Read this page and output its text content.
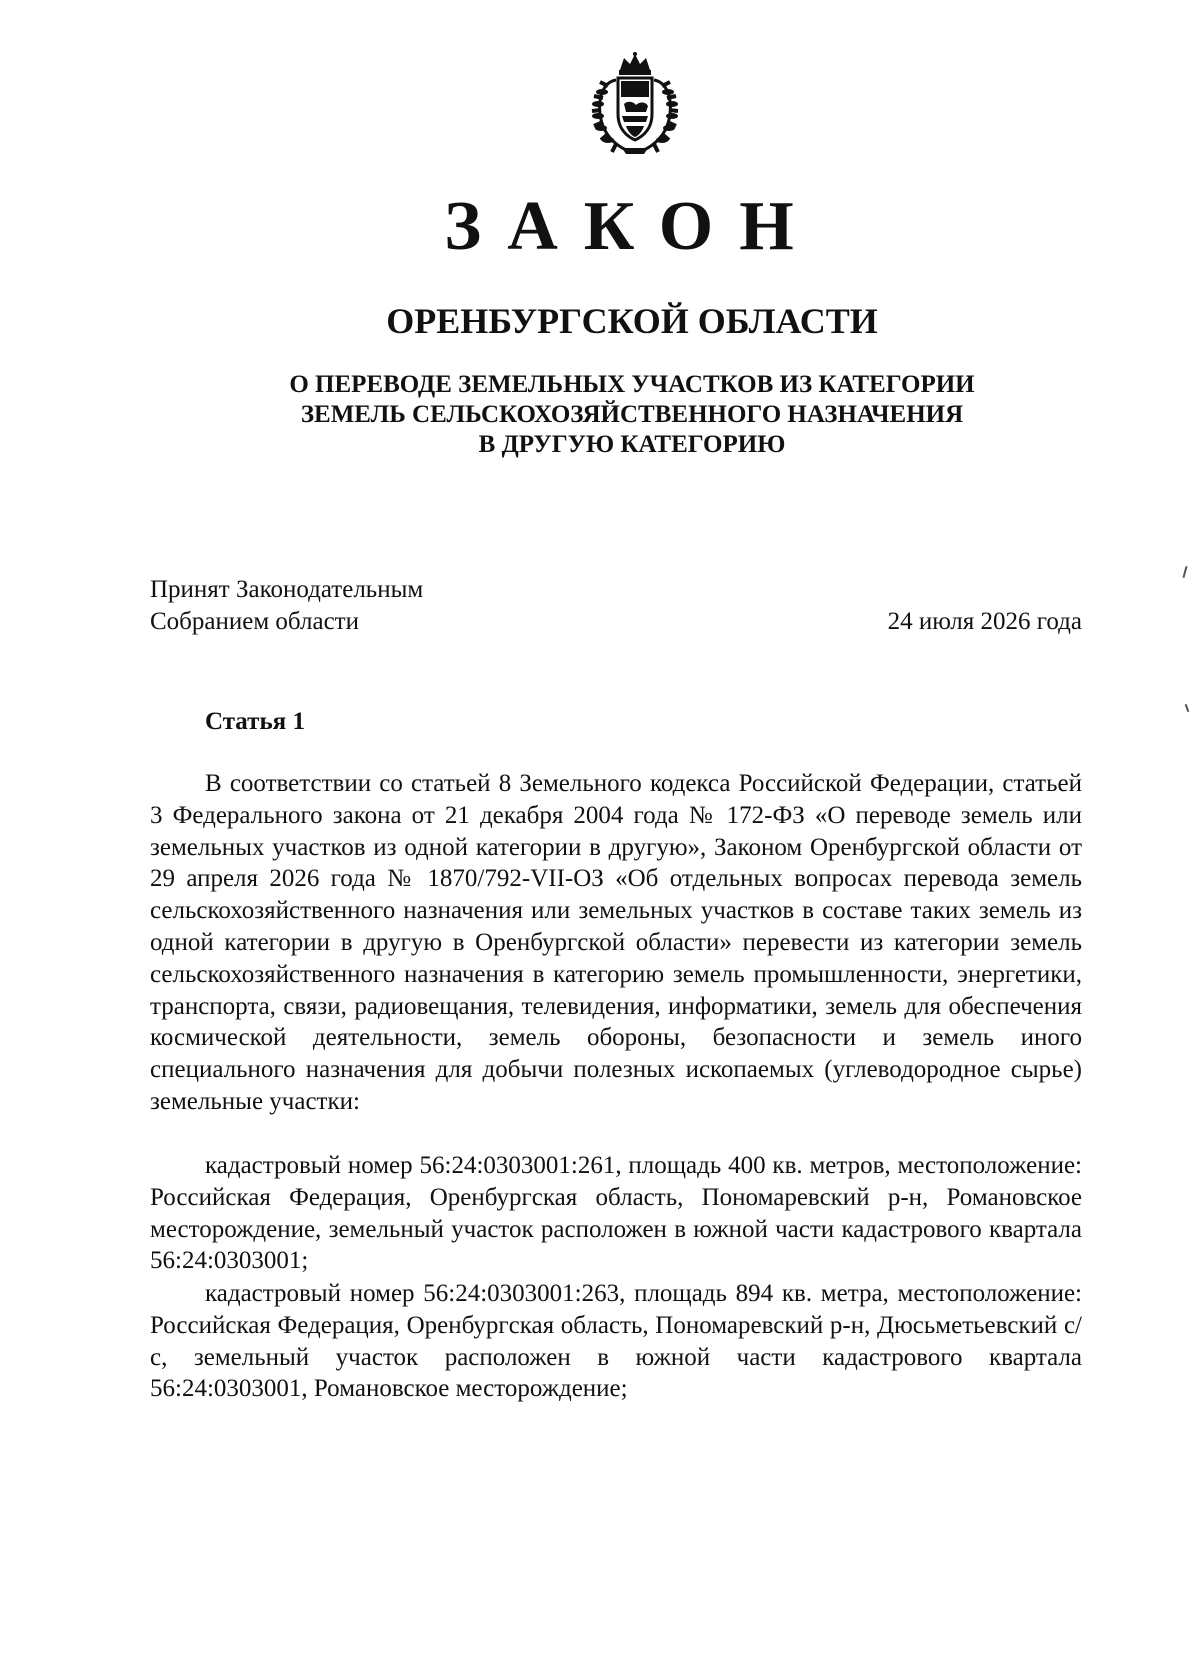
ЗАКОН
ОРЕНБУРГСКОЙ ОБЛАСТИ
О ПЕРЕВОДЕ ЗЕМЕЛЬНЫХ УЧАСТКОВ ИЗ КАТЕГОРИИ
ЗЕМЕЛЬ СЕЛЬСКОХОЗЯЙСТВЕННОГО НАЗНАЧЕНИЯ
В ДРУГУЮ КАТЕГОРИЮ
Принят Законодательным
Собранием области	24 июля 2026 года
Статья 1

В соответствии со статьей 8 Земельного кодекса Российской Федерации, статьей 3 Федерального закона от 21 декабря 2004 года № 172-ФЗ «О переводе земель или земельных участков из одной категории в другую», Законом Оренбургской области от 29 апреля 2026 года № 1870/792-VII-ОЗ «Об отдельных вопросах перевода земель сельскохозяйственного назначения или земельных участков в составе таких земель из одной категории в другую в Оренбургской области» перевести из категории земель сельскохозяйственного назначения в категорию земель промышленности, энергетики, транспорта, связи, радиовещания, телевидения, информатики, земель для обеспечения космической деятельности, земель обороны, безопасности и земель иного специального назначения для добычи полезных ископаемых (углеводородное сырье) земельные участки:

кадастровый номер 56:24:0303001:261, площадь 400 кв. метров, местоположение: Российская Федерация, Оренбургская область, Пономаревский р-н, Романовское месторождение, земельный участок расположен в южной части кадастрового квартала 56:24:0303001;

кадастровый номер 56:24:0303001:263, площадь 894 кв. метра, местоположение: Российская Федерация, Оренбургская область, Пономаревский р-н, Дюсьметьевский с/с, земельный участок расположен в южной части кадастрового квартала 56:24:0303001, Романовское месторождение;
